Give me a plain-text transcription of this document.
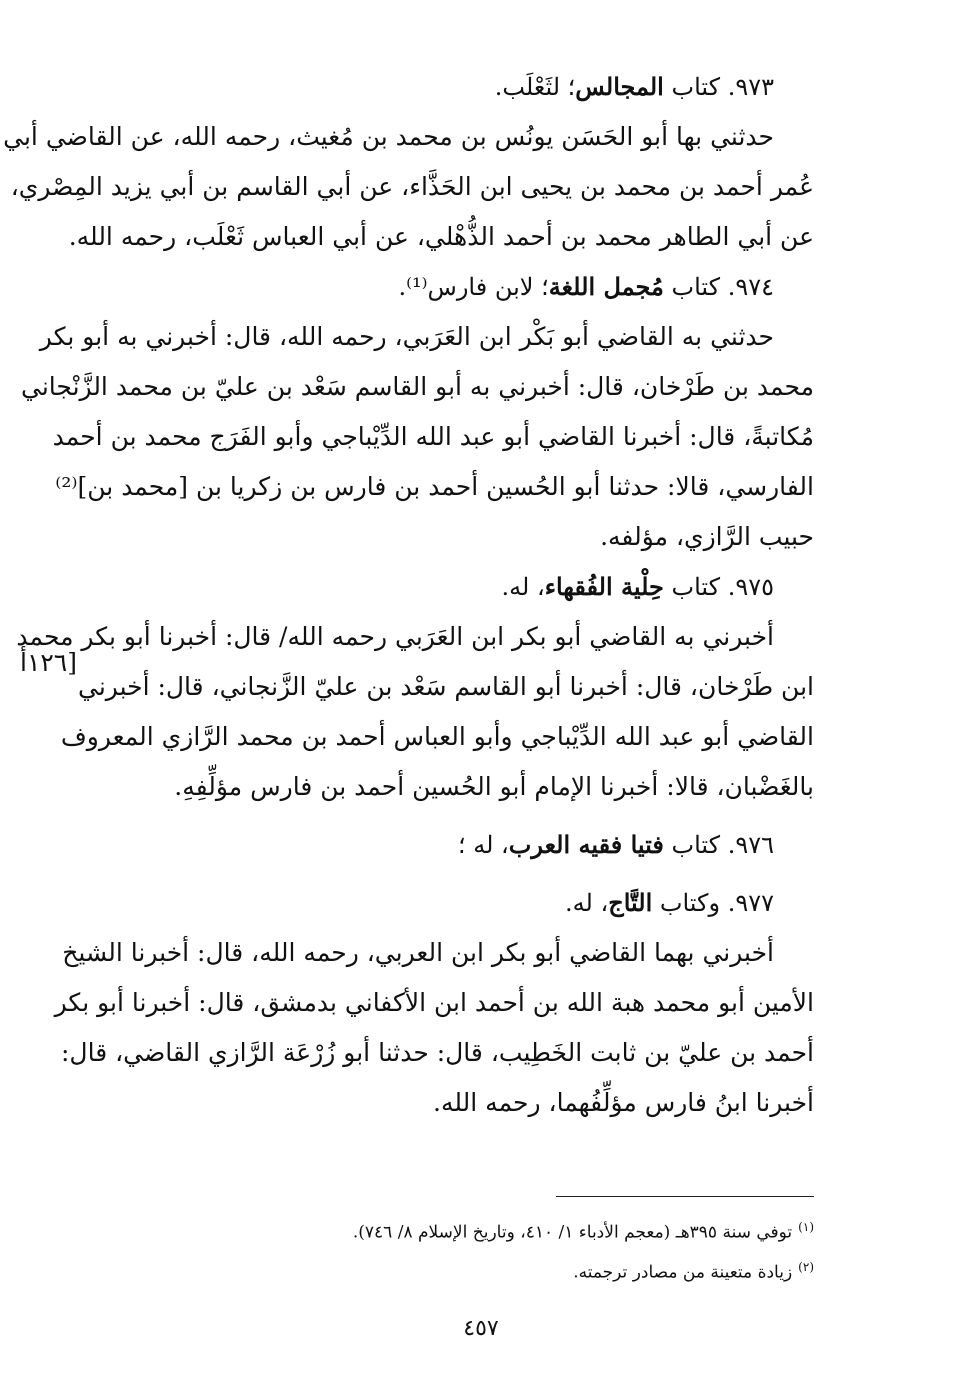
٩٧٣. كتاب المجالس؛ لثَعْلَب.
حدثني بها أبو الحَسَن يونُس بن محمد بن مُغيث، رحمه الله، عن القاضي أبي
عُمر أحمد بن محمد بن يحيى ابن الحَذَّاء، عن أبي القاسم بن أبي يزيد المِصْري،
عن أبي الطاهر محمد بن أحمد الذُّهْلي، عن أبي العباس ثَعْلَب، رحمه الله.
٩٧٤. كتاب مُجمل اللغة؛ لابن فارس⁽¹⁾.
حدثني به القاضي أبو بَكْر ابن العَرَبي، رحمه الله، قال: أخبرني به أبو بكر
محمد بن طَرْخان، قال: أخبرني به أبو القاسم سَعْد بن عليّ بن محمد الزَّنْجاني
مُكاتبةً، قال: أخبرنا القاضي أبو عبد الله الدِّيْباجي وأبو الفَرَج محمد بن أحمد
الفارسي، قالا: حدثنا أبو الحُسين أحمد بن فارس بن زكريا بن [محمد بن]⁽²⁾
حبيب الرَّازي، مؤلفه.
٩٧٥. كتاب حِلْية الفُقهاء، له.
أخبرني به القاضي أبو بكر ابن العَرَبي رحمه الله/ قال: أخبرنا أبو بكر محمد
ابن طَرْخان، قال: أخبرنا أبو القاسم سَعْد بن عليّ الزَّنجاني، قال: أخبرني
القاضي أبو عبد الله الدِّيْباجي وأبو العباس أحمد بن محمد الرَّازي المعروف
بالغَضْبان، قالا: أخبرنا الإمام أبو الحُسين أحمد بن فارس مؤلِّفِهِ.
٩٧٦. كتاب فتيا فقيه العرب، له ؛
٩٧٧. وكتاب التَّاج، له.
أخبرني بهما القاضي أبو بكر ابن العربي، رحمه الله، قال: أخبرنا الشيخ
الأمين أبو محمد هبة الله بن أحمد ابن الأكفاني بدمشق، قال: أخبرنا أبو بكر
أحمد بن عليّ بن ثابت الخَطِيب، قال: حدثنا أبو زُرْعَة الرَّازي القاضي، قال:
أخبرنا ابنُ فارس مؤلِّفُهما، رحمه الله.
[١٢٦أ
$^{(١)}$توفي سنة ٣٩٥هـ (معجم الأدباء ١/ ٤١٠، وتاريخ الإسلام ٨/ ٧٤٦).
$^{(٢)}$زيادة متعينة من مصادر ترجمته.
٤٥٧
